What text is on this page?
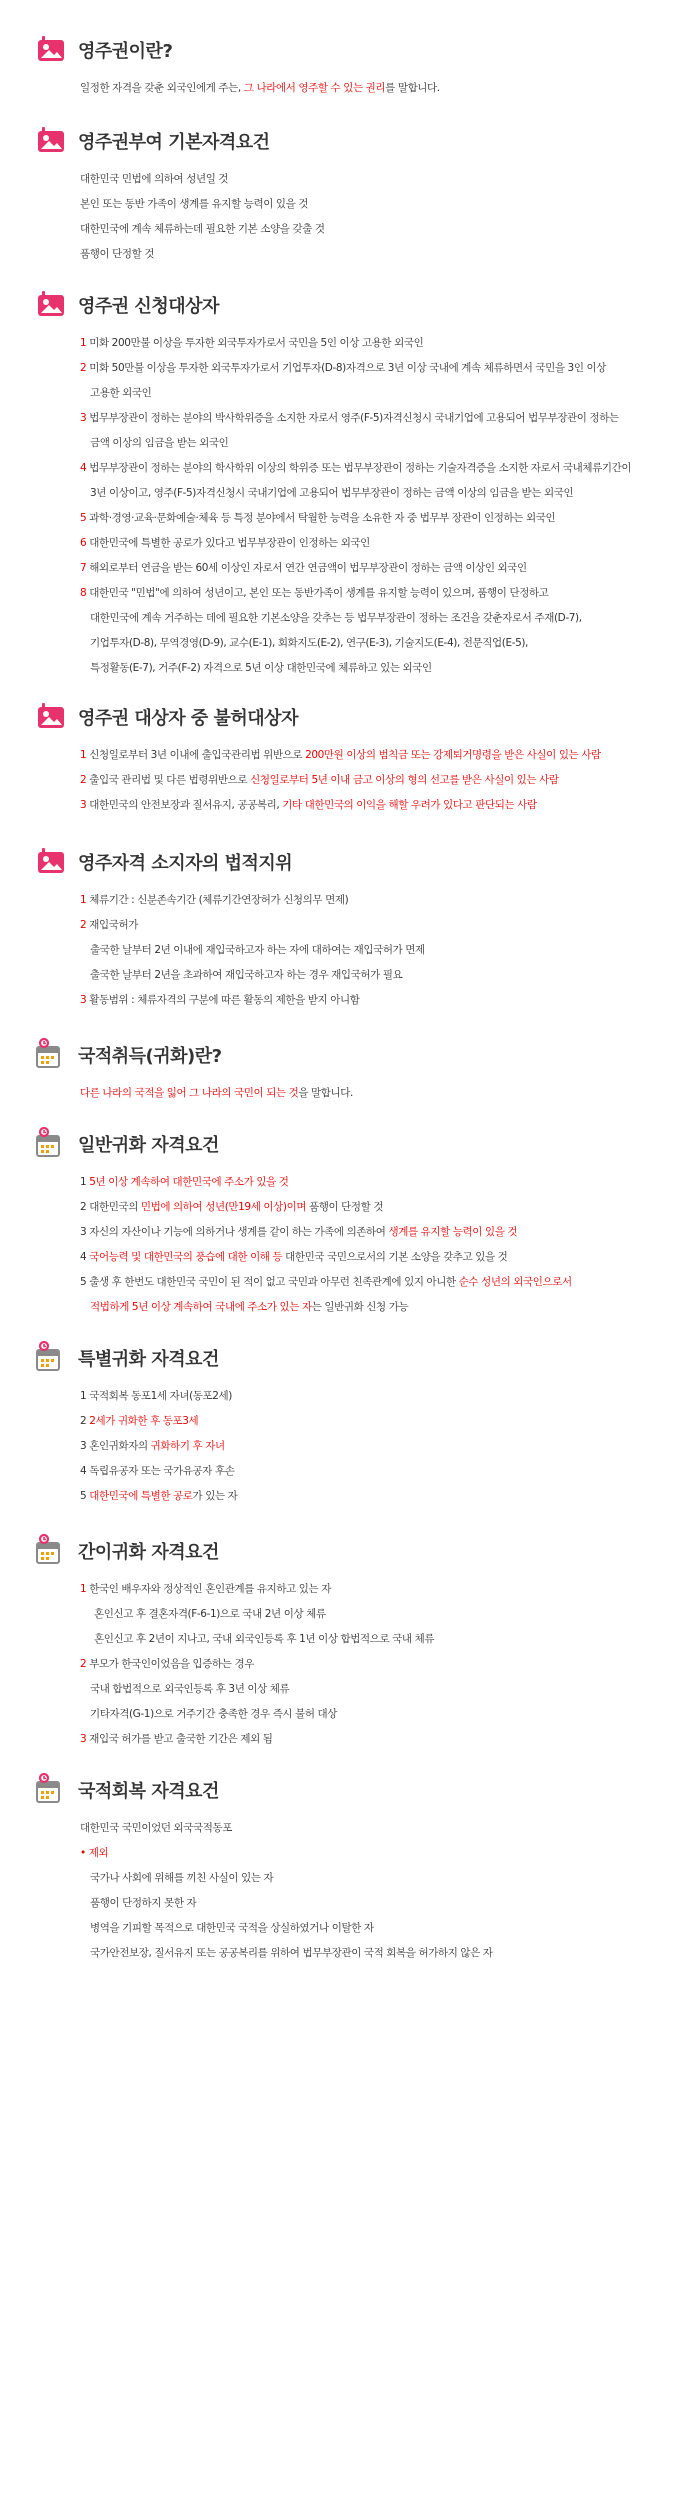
영주권이란?
일정한 자격을 갖춘 외국인에게 주는, 그 나라에서 영주할 수 있는 권리를 말합니다.
영주권부여 기본자격요건
대한민국 민법에 의하여 성년일 것
본인 또는 동반 가족이 생계를 유지할 능력이 있을 것
대한민국에 계속 체류하는데 필요한 기본 소양을 갖출 것
품행이 단정할 것
영주권 신청대상자
1 미화 200만불 이상을 투자한 외국투자가로서 국민을 5인 이상 고용한 외국인
2 미화 50만불 이상을 투자한 외국투자가로서 기업투자(D-8)자격으로 3년 이상 국내에 계속 체류하면서 국민을 3인 이상
고용한 외국인
3 법무부장관이 정하는 분야의 박사학위증을 소지한 자로서 영주(F-5)자격신청시 국내기업에 고용되어 법무부장관이 정하는
금액 이상의 임금을 받는 외국인
4 법무부장관이 정하는 분야의 학사학위 이상의 학위증 또는 법무부장관이 정하는 기술자격증을 소지한 자로서 국내체류기간이
3년 이상이고, 영주(F-5)자격신청시 국내기업에 고용되어 법무부장관이 정하는 금액 이상의 임금을 받는 외국인
5 과학·경영·교육·문화예술·체육 등 특정 분야에서 탁월한 능력을 소유한 자 중 법무부 장관이 인정하는 외국인
6 대한민국에 특별한 공로가 있다고 법무부장관이 인정하는 외국인
7 해외로부터 연금을 받는 60세 이상인 자로서 연간 연금액이 법무부장관이 정하는 금액 이상인 외국인
8 대한민국 "민법"에 의하여 성년이고, 본인 또는 동반가족이 생계를 유지할 능력이 있으며, 품행이 단정하고
대한민국에 계속 거주하는 데에 필요한 기본소양을 갖추는 등 법무부장관이 정하는 조건을 갖춘자로서 주재(D-7),
기업투자(D-8), 무역경영(D-9), 교수(E-1), 회화지도(E-2), 연구(E-3), 기술지도(E-4), 전문직업(E-5),
특정활동(E-7), 거주(F-2) 자격으로 5년 이상 대한민국에 체류하고 있는 외국인
영주권 대상자 중 불허대상자
1 신청일로부터 3년 이내에 출입국관리법 위반으로 200만원 이상의 범칙금 또는 강제퇴거명령을 받은 사실이 있는 사람
2 출입국 관리법 및 다른 법령위반으로 신청일로부터 5년 이내 금고 이상의 형의 선고를 받은 사실이 있는 사람
3 대한민국의 안전보장과 질서유지, 공공복리, 기타 대한민국의 이익을 해할 우려가 있다고 판단되는 사람
영주자격 소지자의 법적지위
1 체류기간 : 신분존속기간 (체류기간연장허가 신청의무 면제)
2 재입국허가
출국한 날부터 2년 이내에 재입국하고자 하는 자에 대하여는 재입국허가 면제
출국한 날부터 2년을 초과하여 재입국하고자 하는 경우 재입국허가 필요
3 활동범위 : 체류자격의 구분에 따른 활동의 제한을 받지 아니함
국적취득(귀화)란?
다른 나라의 국적을 잃어 그 나라의 국민이 되는 것을 말합니다.
일반귀화 자격요건
1 5년 이상 계속하여 대한민국에 주소가 있을 것
2 대한민국의 민법에 의하여 성년(만19세 이상)이며 품행이 단정할 것
3 자신의 자산이나 기능에 의하거나 생계를 같이 하는 가족에 의존하여 생계를 유지할 능력이 있을 것
4 국어능력 및 대한민국의 풍습에 대한 이해 등 대한민국 국민으로서의 기본 소양을 갖추고 있을 것
5 출생 후 한번도 대한민국 국민이 된 적이 없고 국민과 아무런 친족관계에 있지 아니한 순수 성년의 외국인으로서
적법하게 5년 이상 계속하여 국내에 주소가 있는 자는 일반귀화 신청 가능
특별귀화 자격요건
1 국적회복 동포1세 자녀(동포2세)
2 2세가 귀화한 후 동포3세
3 혼인귀화자의 귀화하기 후 자녀
4 독립유공자 또는 국가유공자 후손
5 대한민국에 특별한 공로가 있는 자
간이귀화 자격요건
1 한국인 배우자와 정상적인 혼인관계를 유지하고 있는 자
혼인신고 후 결혼자격(F-6-1)으로 국내 2년 이상 체류
혼인신고 후 2년이 지나고, 국내 외국인등록 후 1년 이상 합법적으로 국내 체류
2 부모가 한국인이었음을 입증하는 경우
국내 합법적으로 외국인등록 후 3년 이상 체류
기타자격(G-1)으로 거주기간 충족한 경우 즉시 불허 대상
3 재입국 허가를 받고 출국한 기간은 제외 됨
국적회복 자격요건
대한민국 국민이었던 외국국적동포
• 제외
국가나 사회에 위해를 끼친 사실이 있는 자
품행이 단정하지 못한 자
병역을 기피할 목적으로 대한민국 국적을 상실하였거나 이탈한 자
국가안전보장, 질서유지 또는 공공복리를 위하여 법무부장관이 국적 회복을 허가하지 않은 자
